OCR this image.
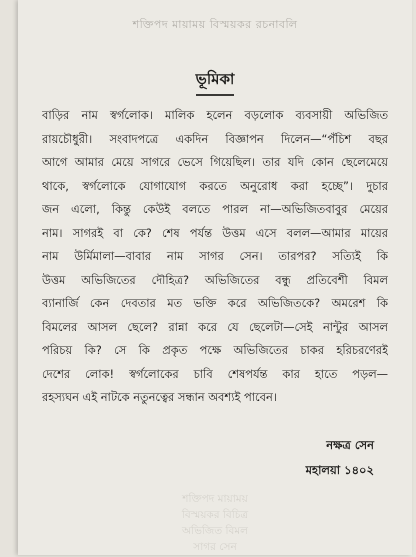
শক্তিপদ মায়াময় বিস্ময়কর রচনাবলি
ভূমিকা
বাড়ির নাম স্বর্গলোক। মালিক হলেন বড়লোক ব্যবসায়ী অভিজিত
রায়চৌধুরী। সংবাদপত্রে একদিন বিজ্ঞাপন দিলেন—“পঁচিশ বছর
আগে আমার মেয়ে সাগরে ভেসে গিয়েছিল। তার যদি কোন ছেলেমেয়ে
থাকে, স্বর্গলোকে যোগাযোগ করতে অনুরোধ করা হচ্ছে”। দুচার
জন এলো, কিন্তু কেউই বলতে পারল না—অভিজিতবাবুর মেয়ের
নাম। সাগরই বা কে? শেষ পর্যন্ত উত্তম এসে বলল—আমার মায়ের
নাম উর্মিমালা—বাবার নাম সাগর সেন। তারপর? সত্যিই কি
উত্তম অভিজিতের দৌহিত্র? অভিজিতের বন্ধু প্রতিবেশী বিমল
ব্যানার্জি কেন দেবতার মত ভক্তি করে অভিজিতকে? অমরেশ কি
বিমলের আসল ছেলে? রান্না করে যে ছেলেটা—সেই নান্টুর আসল
পরিচয় কি? সে কি প্রকৃত পক্ষে অভিজিতের চাকর হরিচরণেরই
দেশের লোক! স্বর্গলোকের চাবি শেষপর্যন্ত কার হাতে পড়ল—
রহস্যঘন এই নাটকে নতুনত্বের সন্ধান অবশ্যই পাবেন।
নক্ষত্র সেন
মহালয়া ১৪০২
শক্তিপদ মায়াময়
বিস্ময়কর বিচিত্র
অভিজিত বিমল
সাগর সেন
